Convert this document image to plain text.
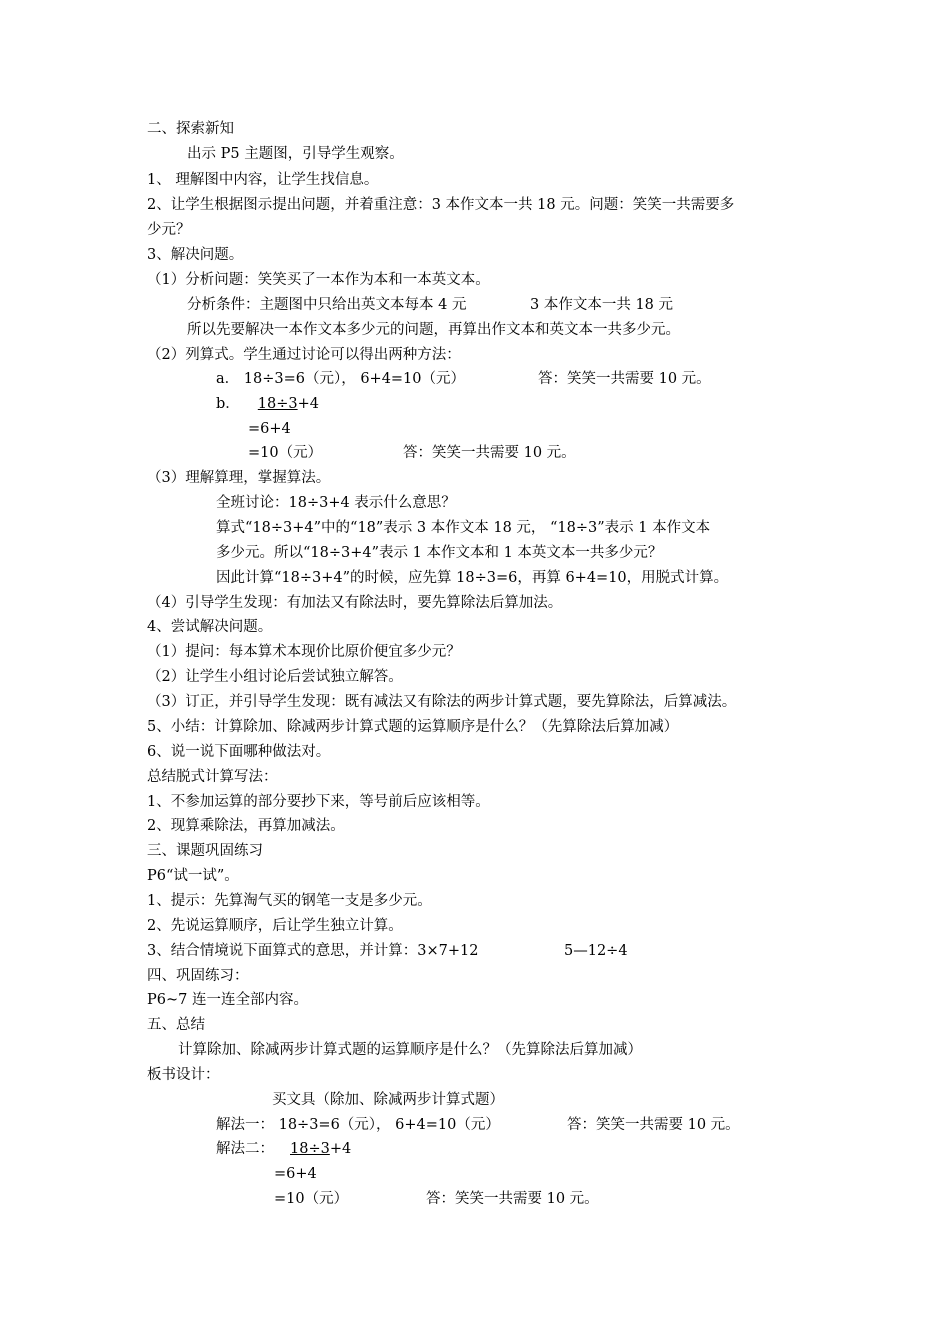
二、探索新知
出示 P5 主题图，引导学生观察。
1、 理解图中内容，让学生找信息。
2、让学生根据图示提出问题，并着重注意：3 本作文本一共 18 元。问题：笑笑一共需要多
少元？
3、解决问题。
（1）分析问题：笑笑买了一本作为本和一本英文本。
分析条件：主题图中只给出英文本每本 4 元	3 本作文本一共 18 元
所以先要解决一本作文本多少元的问题，再算出作文本和英文本一共多少元。
（2）列算式。学生通过讨论可以得出两种方法：
a． 18÷3=6（元）， 6+4=10（元）	答：笑笑一共需要 10 元。
b． 18÷3+4
=6+4
=10（元）	答：笑笑一共需要 10 元。
（3）理解算理，掌握算法。
全班讨论：18÷3+4 表示什么意思？
算式“18÷3+4”中的“18”表示 3 本作文本 18 元， “18÷3”表示 1 本作文本
多少元。所以“18÷3+4”表示 1 本作文本和 1 本英文本一共多少元？
因此计算“18÷3+4”的时候，应先算 18÷3=6，再算 6+4=10，用脱式计算。
（4）引导学生发现：有加法又有除法时，要先算除法后算加法。
4、尝试解决问题。
（1）提问：每本算术本现价比原价便宜多少元？
（2）让学生小组讨论后尝试独立解答。
（3）订正，并引导学生发现：既有减法又有除法的两步计算式题，要先算除法，后算减法。
5、小结：计算除加、除减两步计算式题的运算顺序是什么？（先算除法后算加减）
6、说一说下面哪种做法对。
总结脱式计算写法：
1、不参加运算的部分要抄下来，等号前后应该相等。
2、现算乘除法，再算加减法。
三、课题巩固练习
P6“试一试”。
1、提示：先算淘气买的钢笔一支是多少元。
2、先说运算顺序，后让学生独立计算。
3、结合情境说下面算式的意思，并计算：3×7+12	5—12÷4
四、巩固练习：
P6~7 连一连全部内容。
五、总结
计算除加、除减两步计算式题的运算顺序是什么？（先算除法后算加减）
板书设计：
买文具（除加、除减两步计算式题）
解法一： 18÷3=6（元）， 6+4=10（元）	答：笑笑一共需要 10 元。
解法二： 18÷3+4
=6+4
=10（元）	答：笑笑一共需要 10 元。
